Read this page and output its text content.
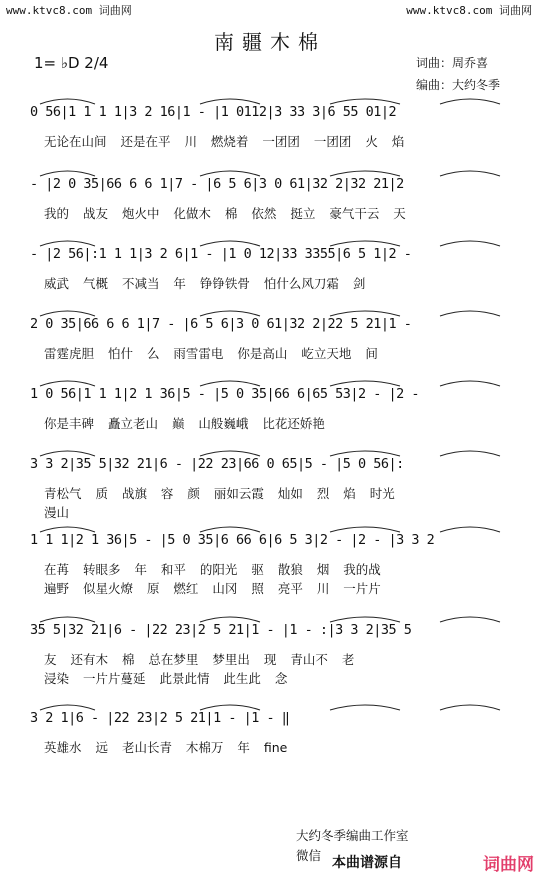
www.ktvc8.com 词曲网	www.ktvc8.com 词曲网
南疆木棉
1= ♭D 2/4	词曲：周乔喜
编曲：大约冬季
0 56|1 1 1 1|3 2 16|1 - |1 0112|3 33 3|6 55 01|2
无论在山间 还是在平 川 燃烧着 一团团 一团团 火 焰
- |2 0 35|66 6 6 1|7 - |6 5 6|3 0 61|32 2|32 21|2
我的 战友 炮火中 化做木 棉 依然 挺立 豪气干云 天
- |2 56|:1 1 1|3 2 6|1 - |1 0 12|33 3355|6 5 1|2 -
威武 气概 不减当 年 铮铮铁骨 怕什么风刀霜 剑
2 0 35|66 6 6 1|7 - |6 5 6|3 0 61|32 2|22 5 21|1 -
雷霆虎胆 怕什 么 雨雪雷电 你是高山 屹立天地 间
1 0 56|1 1 1|2 1 36|5 - |5 0 35|66 6|65 53|2 - |2 -
你是丰碑 矗立老山 巅 山般巍峨 比花还娇艳
3 3 2|35 5|32 21|6 - |22 23|66 0 65|5 - |5 0 56|:
青松气 质 战旗 容 颜 丽如云霞 灿如 烈 焰 时光
漫山
1 1 1|2 1 36|5 - |5 0 35|6 66 6|6 5 3|2 - |2 - |3 3 2
在苒 转眼多 年 和平 的阳光 驱 散狼 烟 我的战
遍野 似星火燎 原 燃红 山冈 照 亮平 川 一片片
35 5|32 21|6 - |22 23|2 5 21|1 - |1 - :|3 3 2|35 5
友 还有木 棉 总在梦里 梦里出 现 青山不 老
浸染 一片片蔓延 此景此情 此生此 念
3 2 1|6 - |22 23|2 5 21|1 - |1 - ‖
英雄水 远 老山长青 木棉万 年 fine
大约冬季编曲工作室
微信 本曲谱源自	词曲网
